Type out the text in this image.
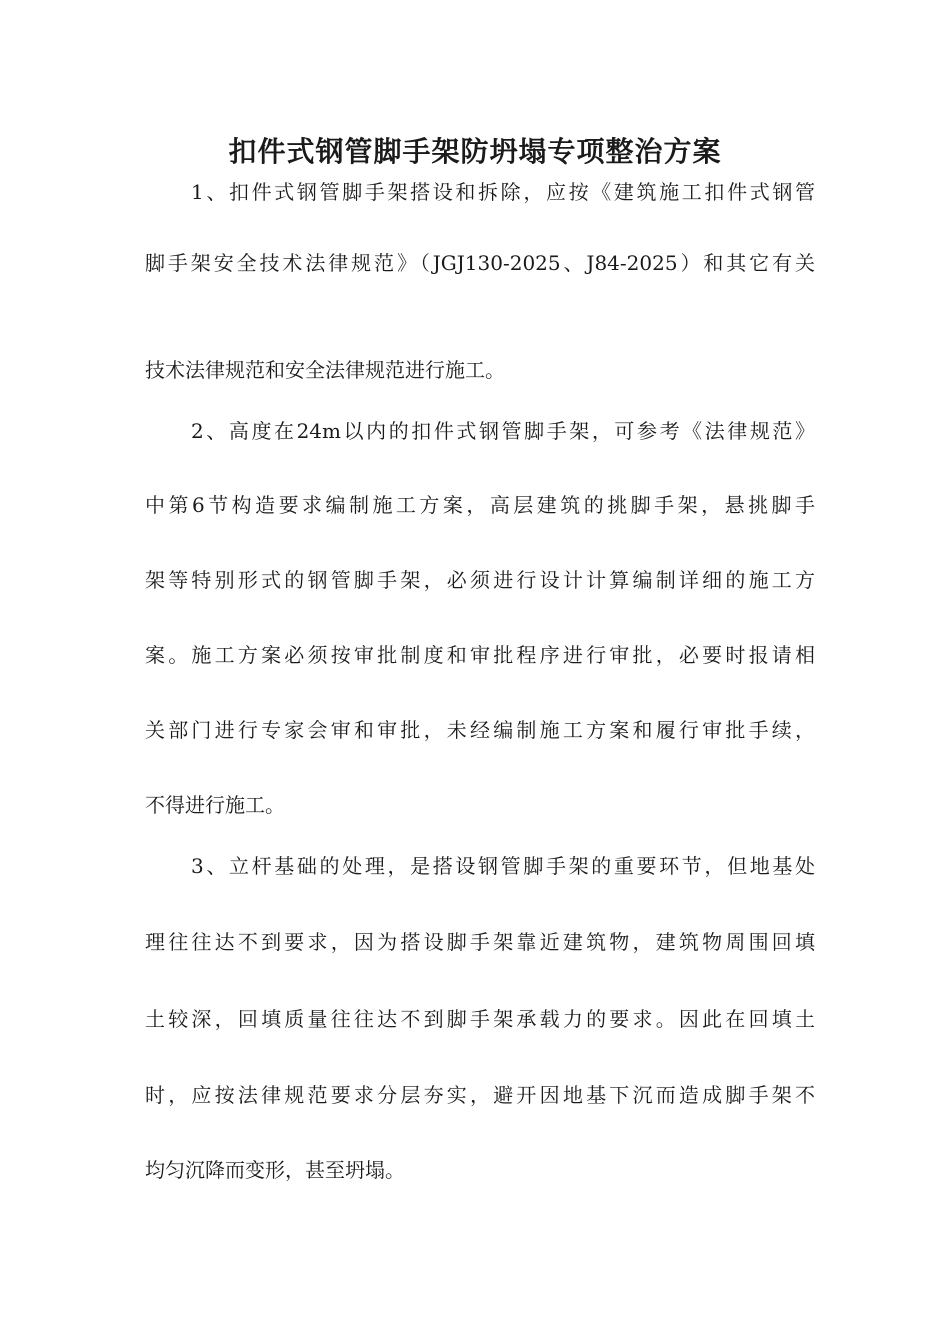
扣件式钢管脚手架防坍塌专项整治方案

1、扣件式钢管脚手架搭设和拆除，应按《建筑施工扣件式钢管

脚手架安全技术法律规范》（JGJ130-2025、J84-2025）和其它有关

技术法律规范和安全法律规范进行施工。

2、高度在24m以内的扣件式钢管脚手架，可参考《法律规范》

中第6节构造要求编制施工方案，高层建筑的挑脚手架，悬挑脚手

架等特别形式的钢管脚手架，必须进行设计计算编制详细的施工方

案。施工方案必须按审批制度和审批程序进行审批，必要时报请相

关部门进行专家会审和审批，未经编制施工方案和履行审批手续，

不得进行施工。

3、立杆基础的处理，是搭设钢管脚手架的重要环节，但地基处

理往往达不到要求，因为搭设脚手架靠近建筑物，建筑物周围回填

土较深，回填质量往往达不到脚手架承载力的要求。因此在回填土

时，应按法律规范要求分层夯实，避开因地基下沉而造成脚手架不

均匀沉降而变形，甚至坍塌。
